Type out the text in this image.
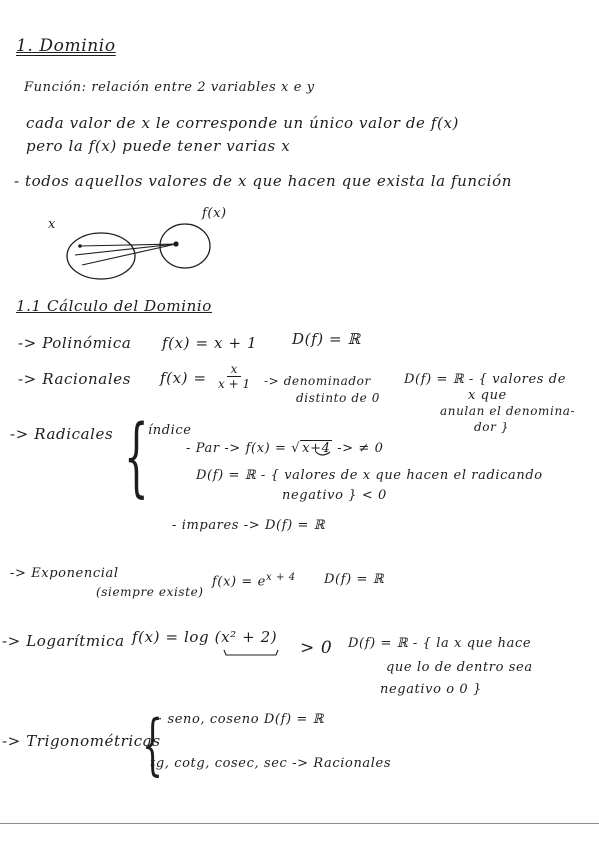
1. Dominio
Función: relación entre 2 variables x e y
cada valor de x le corresponde un único valor de f(x)
pero la f(x) puede tener varias x
- todos aquellos valores de x que hacen que exista la función
x
f(x)
1.1 Cálculo del Dominio
-> Polinómica f(x) = x + 1 D(f) = ℝ
-> Racionales $f(x) = \frac{x}{x + 1}$ -> denominador
distinto de 0
D(f) = ℝ - { valores de
x que
anulan el denomina-
dor }
-> Radicales { índice
- Par -> f(x) = √ x+4 -> ≠ 0
D(f) = ℝ - { valores de x que hacen el radicando
negativo } < 0
- impares -> D(f) = ℝ
-> Exponencial
(siempre existe)
$f(x) = e^{x + 4}$ D(f) = ℝ
-> Logarítmica f(x) = log (x² + 2)
> 0 D(f) = ℝ - { la x que hace
que lo de dentro sea
negativo o 0 }
-> Trigonométricas
{
· seno, coseno D(f) = ℝ
tg, cotg, cosec, sec -> Racionales
